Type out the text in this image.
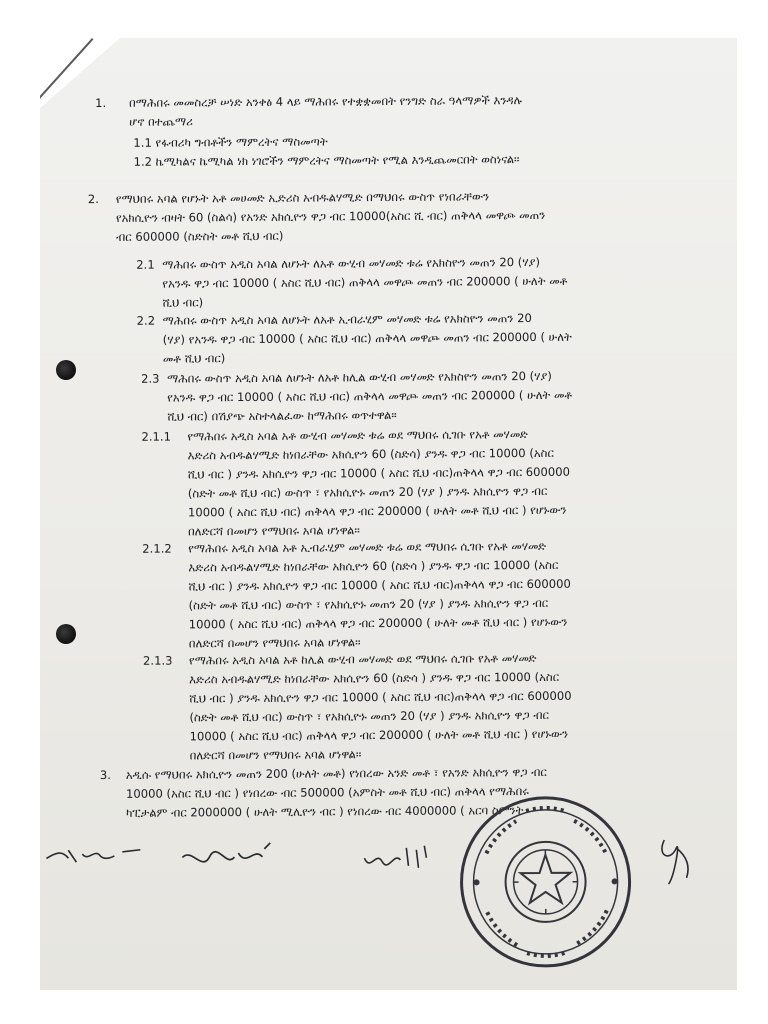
1. በማሕበሩ መመስረቻ ሠነድ አንቀፅ 4 ላይ ማሕበሩ የተቋቋመበት የንግድ ስራ ዓላማዎች እንዳሉ
ሆኖ በተጨማሪ
1.1 የፋብሪካ ግብቶችን ማምረትና ማስመጣት
1.2 ኬሚካልና ኬሚካል ነክ ነገሮችን ማምረትና ማስመጣት የሚል እንዲጨመርበት ወስነናል፡፡
2. የማህበሩ አባል የሆኑት አቶ መሀመድ ኢድሪስ አብዱልሃሚድ በማህበሩ ውስጥ የነበራቸውን
የአክሲዮን ብዛት 60 (ስልሳ) የአንድ አክሲዮን ዋጋ ብር 10000(አስር ሺ ብር) ጠቅላላ መዋጮ መጠን
ብር 600000 (ስድስት መቶ ሺህ ብር)
2.1 ማሕበሩ ውስጥ አዲስ አባል ለሆኑት ለአቶ ውሂብ መሃመድ ቱሬ የአክስዮን መጠን 20 (ሃያ)
የአንዱ ዋጋ ብር 10000 ( አስር ሺህ ብር) ጠቅላላ መዋጮ መጠን ብር 200000 ( ሁለት መቶ
ሺህ ብር)
2.2 ማሕበሩ ውስጥ አዲስ አባል ለሆኑት ለአቶ ኢብራሂም መሃመድ ቱሬ የአክስዮን መጠን 20
(ሃያ) የአንዱ ዋጋ ብር 10000 ( አስር ሺህ ብር) ጠቅላላ መዋጮ መጠን ብር 200000 ( ሁለት
መቶ ሺህ ብር)
2.3 ማሕበሩ ውስጥ አዲስ አባል ለሆኑት ለአቶ ከሊል ውሂብ መሃመድ የአክስዮን መጠን 20 (ሃያ)
የአንዱ ዋጋ ብር 10000 ( አስር ሺህ ብር) ጠቅላላ መዋጮ መጠን ብር 200000 ( ሁለት መቶ
ሺህ ብር) በሽያጭ አስተላልፈው ከማሕበሩ ወጥተዋል፡፡
2.1.1 የማሕበሩ አዲስ አባል አቶ ውሂብ መሃመድ ቱሬ ወደ ማህበሩ ሲገቡ የአቶ መሃመድ
እድሪስ አብዱልሃሚድ ከነበራቸው አክሲዮን 60 (ስድሳ) ያንዱ ዋጋ ብር 10000 (አስር
ሺህ ብር ) ያንዱ አክሲዮን ዋጋ ብር 10000 ( አስር ሺህ ብር)ጠቅላላ ዋጋ ብር 600000
(ስድት መቶ ሺህ ብር) ውስጥ ፣ የአክሲዮኑ መጠን 20 (ሃያ ) ያንዱ አክሲዮን ዋጋ ብር
10000 ( አስር ሺህ ብር) ጠቅላላ ዋጋ ብር 200000 ( ሁለት መቶ ሺህ ብር ) የሆኑውን
በለድርሻ በመሆን የማህበሩ አባል ሆነዋል፡፡
2.1.2 የማሕበሩ አዲስ አባል አቶ ኢብራሂም መሃመድ ቱሬ ወደ ማህበሩ ሲገቡ የአቶ መሃመድ
እድሪስ አብዱልሃሚድ ከነበራቸው አክሲዮን 60 (ስድሳ ) ያንዱ ዋጋ ብር 10000 (አስር
ሺህ ብር ) ያንዱ አክሲዮን ዋጋ ብር 10000 ( አስር ሺህ ብር)ጠቅላላ ዋጋ ብር 600000
(ስድት መቶ ሺህ ብር) ውስጥ ፣ የአክሲዮኑ መጠን 20 (ሃያ ) ያንዱ አክሲዮን ዋጋ ብር
10000 ( አስር ሺህ ብር) ጠቅላላ ዋጋ ብር 200000 ( ሁለት መቶ ሺህ ብር ) የሆኑውን
በለድርሻ በመሆን የማህበሩ አባል ሆነዋል፡፡
2.1.3 የማሕበሩ አዲስ አባል አቶ ከሊል ውሂብ መሃመድ ወደ ማህበሩ ሲገቡ የአቶ መሃመድ
እድሪስ አብዱልሃሚድ ከነበራቸው አክሲዮን 60 (ስድሳ ) ያንዱ ዋጋ ብር 10000 (አስር
ሺህ ብር ) ያንዱ አክሲዮን ዋጋ ብር 10000 ( አስር ሺህ ብር)ጠቅላላ ዋጋ ብር 600000
(ስድት መቶ ሺህ ብር) ውስጥ ፣ የአክሲዮኑ መጠን 20 (ሃያ ) ያንዱ አክሲዮን ዋጋ ብር
10000 ( አስር ሺህ ብር) ጠቅላላ ዋጋ ብር 200000 ( ሁለት መቶ ሺህ ብር ) የሆኑውን
በለድርሻ በመሆን የማህበሩ አባል ሆነዋል፡፡
3. አዲሱ የማህበሩ አክሲዮን መጠን 200 (ሁለት መቶ) የነበረው አንድ መቶ ፣ የአንድ አክሲዮን ዋጋ ብር
10000 (አስር ሺህ ብር ) የነበረው ብር 500000 (አምስት መቶ ሺህ ብር) ጠቅላላ የማሕበሩ
ካፒታልም ብር 2000000 ( ሁለት ሚሊዮን ብር ) የነበረው ብር 4000000 ( አርባ ስምንት
